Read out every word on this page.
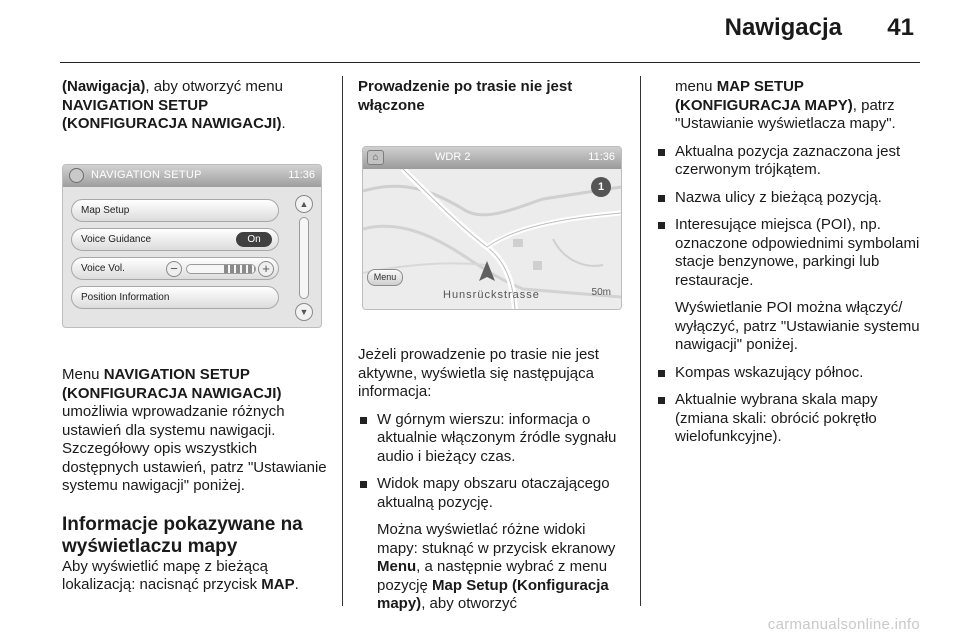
Nawigacja 41

(Nawigacja), aby otworzyć menu
NAVIGATION SETUP
(KONFIGURACJA NAWIGACJI).

NAVIGATION SETUP	11:36
Map Setup
Voice Guidance	On
Voice Vol.	−	+
Position Information
▲
▼

Menu NAVIGATION SETUP
(KONFIGURACJA NAWIGACJI)
umożliwia wprowadzanie różnych ustawień dla systemu nawigacji. Szczegółowy opis wszystkich dostępnych ustawień, patrz "Ustawianie systemu nawigacji" poniżej.

Informacje pokazywane na wyświetlaczu mapy

Aby wyświetlić mapę z bieżącą lokalizacją: nacisnąć przycisk MAP.

Prowadzenie po trasie nie jest włączone
⌂	WDR 2	11:36
1
Menu
Hunsrückstrasse	50m

Jeżeli prowadzenie po trasie nie jest aktywne, wyświetla się następująca informacja:

W górnym wierszu: informacja o aktualnie włączonym źródle sygnału audio i bieżący czas.

Widok mapy obszaru otaczającego aktualną pozycję.

Można wyświetlać różne widoki mapy: stuknąć w przycisk ekranowy Menu, a następnie wybrać z menu pozycję Map Setup (Konfiguracja mapy), aby otworzyć

menu MAP SETUP
(KONFIGURACJA MAPY), patrz "Ustawianie wyświetlacza mapy".

Aktualna pozycja zaznaczona jest czerwonym trójkątem.

Nazwa ulicy z bieżącą pozycją.

Interesujące miejsca (POI), np. oznaczone odpowiednimi symbolami stacje benzynowe, parkingi lub restauracje.

Wyświetlanie POI można włączyć/ wyłączyć, patrz "Ustawianie systemu nawigacji" poniżej.

Kompas wskazujący północ.

Aktualnie wybrana skala mapy (zmiana skali: obrócić pokrętło wielofunkcyjne).

carmanualsonline.info
